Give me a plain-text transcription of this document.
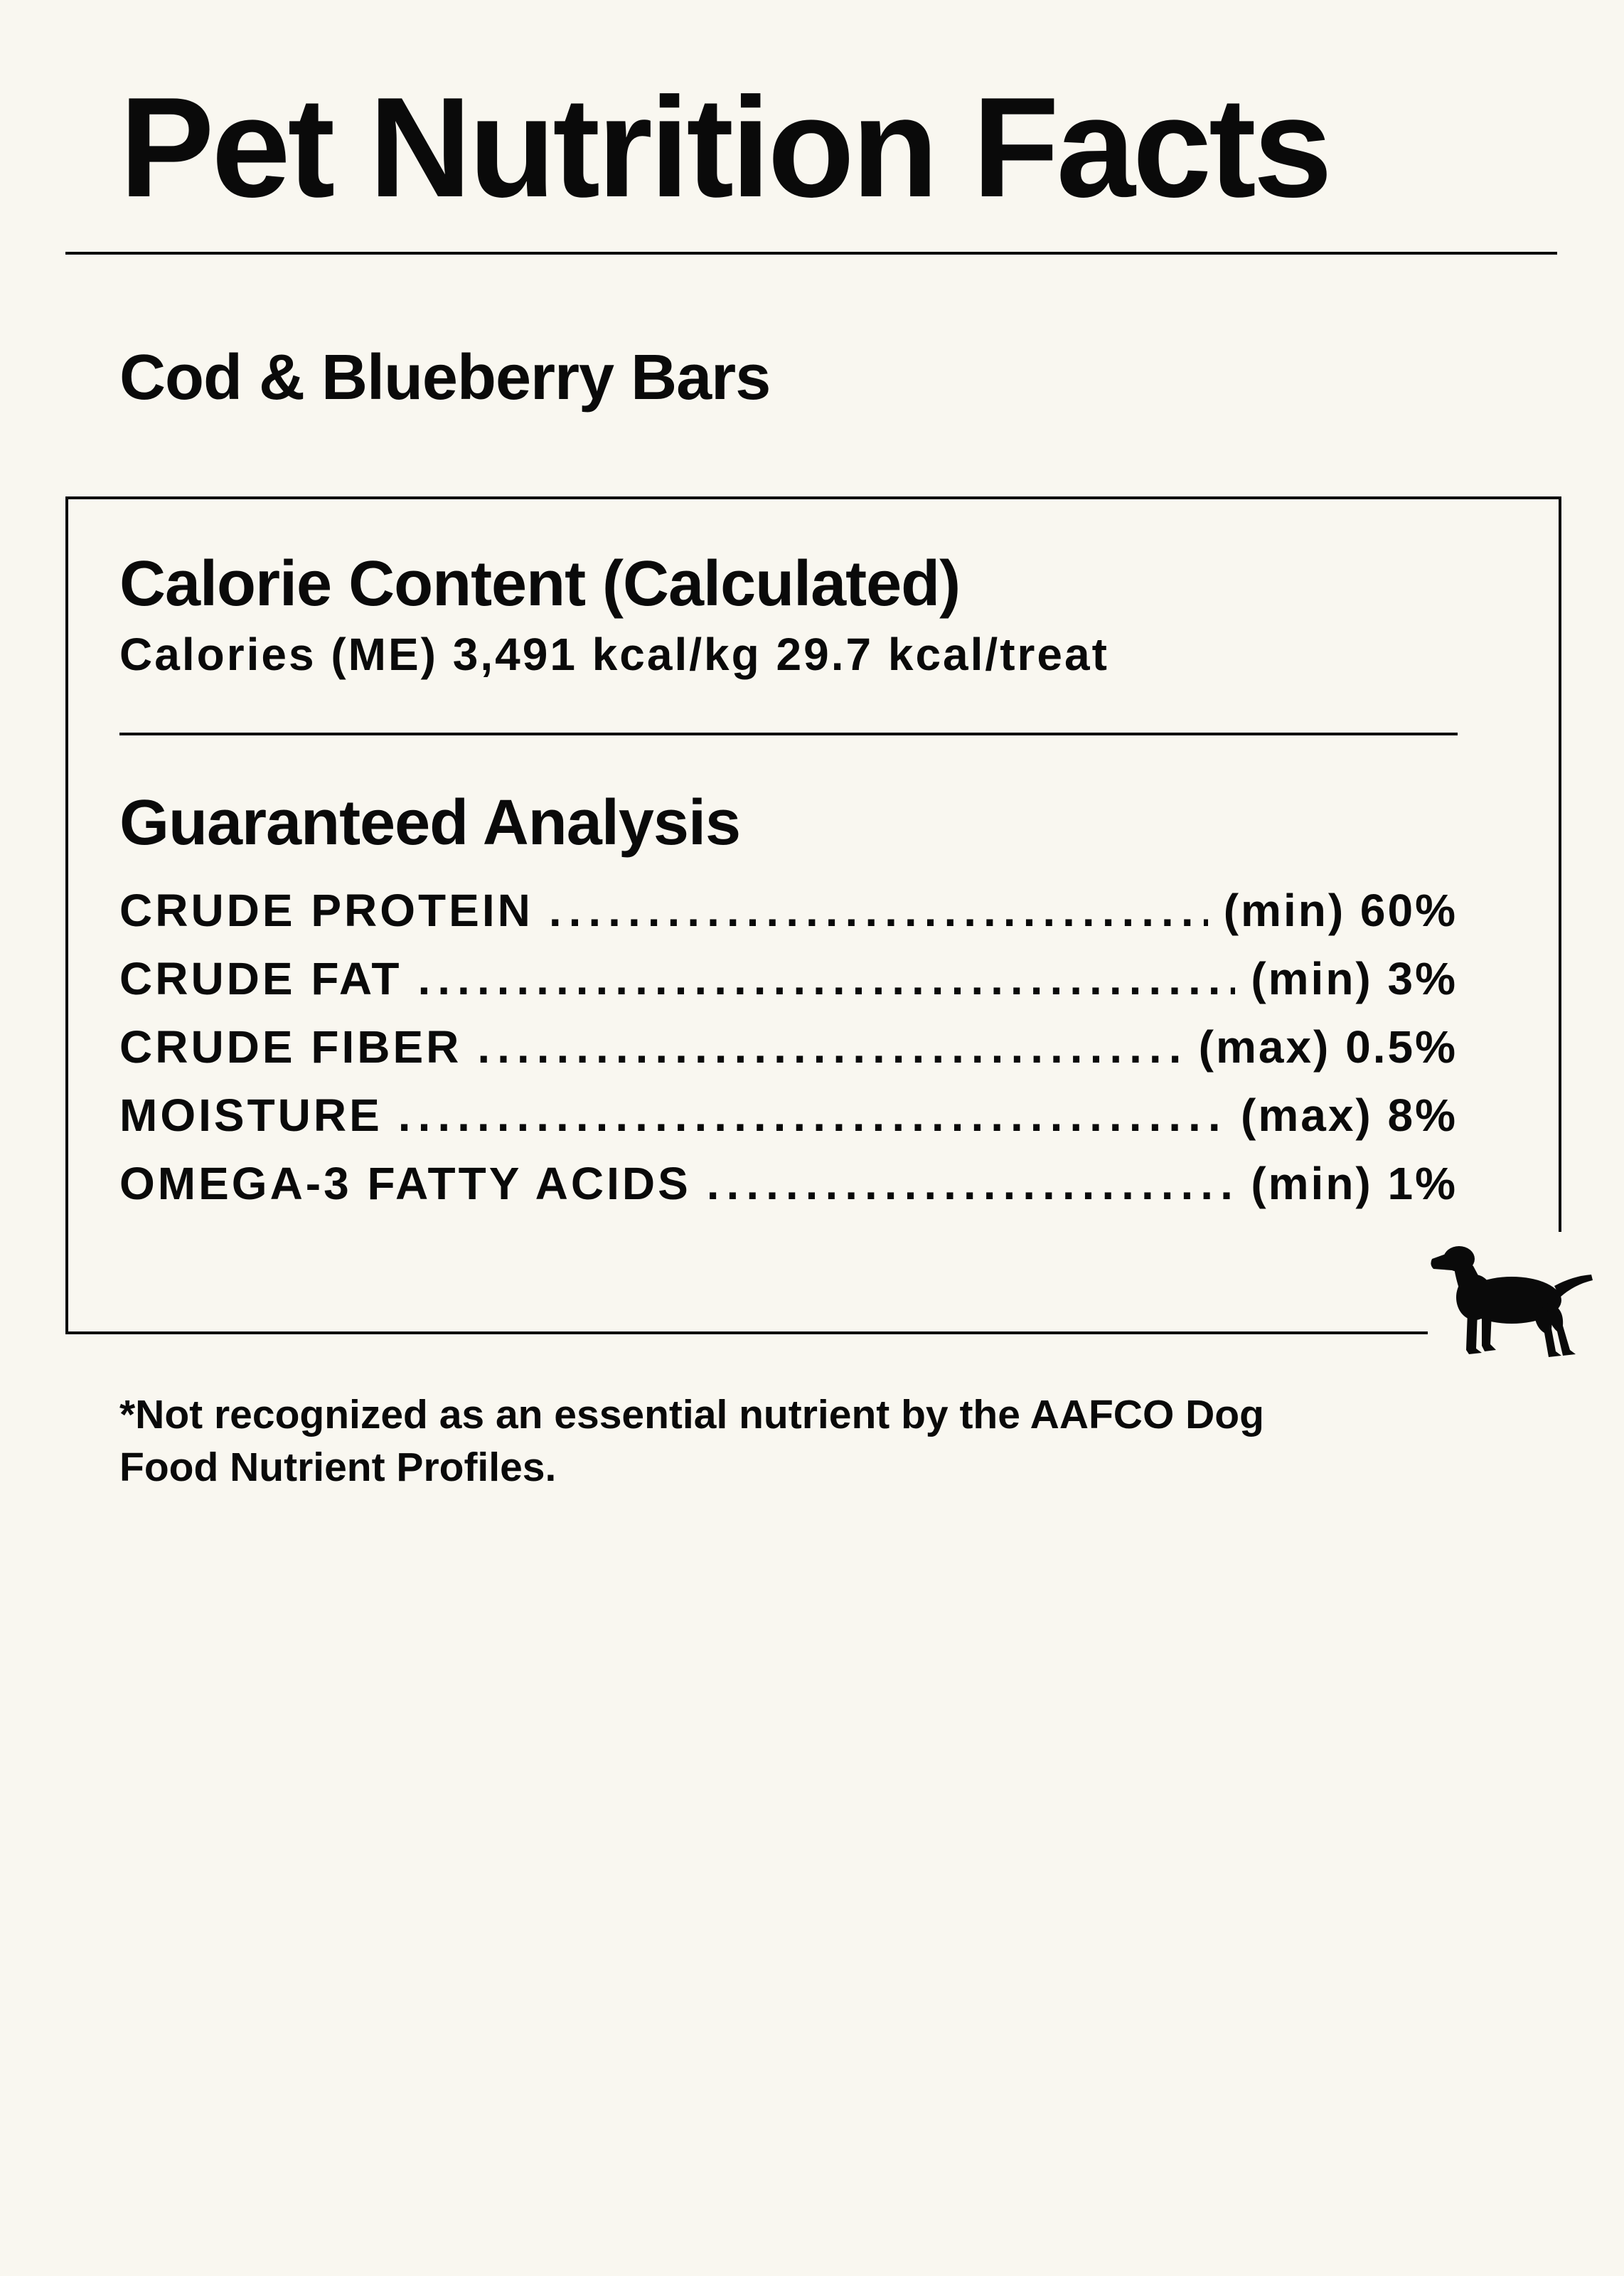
Pet Nutrition Facts
Cod & Blueberry Bars
Calorie Content (Calculated)
Calories (ME) 3,491 kcal/kg 29.7 kcal/treat
Guaranteed Analysis
CRUDE PROTEIN .....	(min) 60%
CRUDE FAT .....	(min) 3%
CRUDE FIBER .....	(max) 0.5%
MOISTURE .....	(max) 8%
OMEGA-3 FATTY ACIDS .....	(min) 1%

*Not recognized as an essential nutrient by the AAFCO Dog Food Nutrient Profiles.
